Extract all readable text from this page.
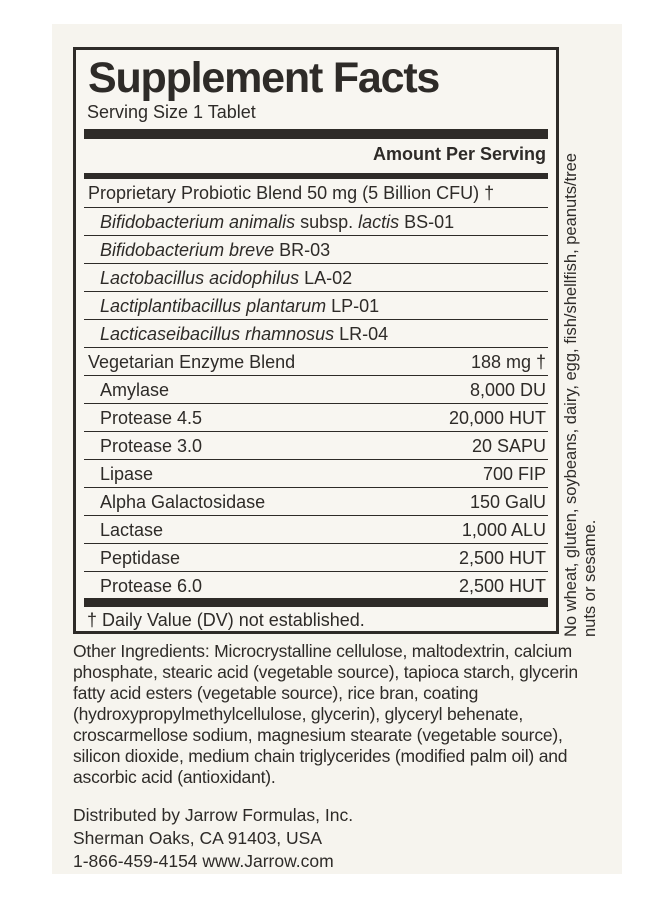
Supplement Facts
Serving Size 1 Tablet
Amount Per Serving
Proprietary Probiotic Blend 50 mg (5 Billion CFU) †
Bifidobacterium animalis subsp. lactis BS-01
Bifidobacterium breve BR-03
Lactobacillus acidophilus LA-02
Lactiplantibacillus plantarum LP-01
Lacticaseibacillus rhamnosus LR-04
Vegetarian Enzyme Blend	188 mg †
Amylase	8,000 DU
Protease 4.5	20,000 HUT
Protease 3.0	20 SAPU
Lipase	700 FIP
Alpha Galactosidase	150 GalU
Lactase	1,000 ALU
Peptidase	2,500 HUT
Protease 6.0	2,500 HUT
† Daily Value (DV) not established.	No wheat, gluten, soybeans, dairy, egg, fish/shellfish, peanuts/tree nuts or sesame.
Other Ingredients: Microcrystalline cellulose, maltodextrin, calcium phosphate, stearic acid (vegetable source), tapioca starch, glycerin fatty acid esters (vegetable source), rice bran, coating (hydroxypropylmethylcellulose, glycerin), glyceryl behenate, croscarmellose sodium, magnesium stearate (vegetable source), silicon dioxide, medium chain triglycerides (modified palm oil) and ascorbic acid (antioxidant).
Distributed by Jarrow Formulas, Inc.
Sherman Oaks, CA 91403, USA
1-866-459-4154 www.Jarrow.com
